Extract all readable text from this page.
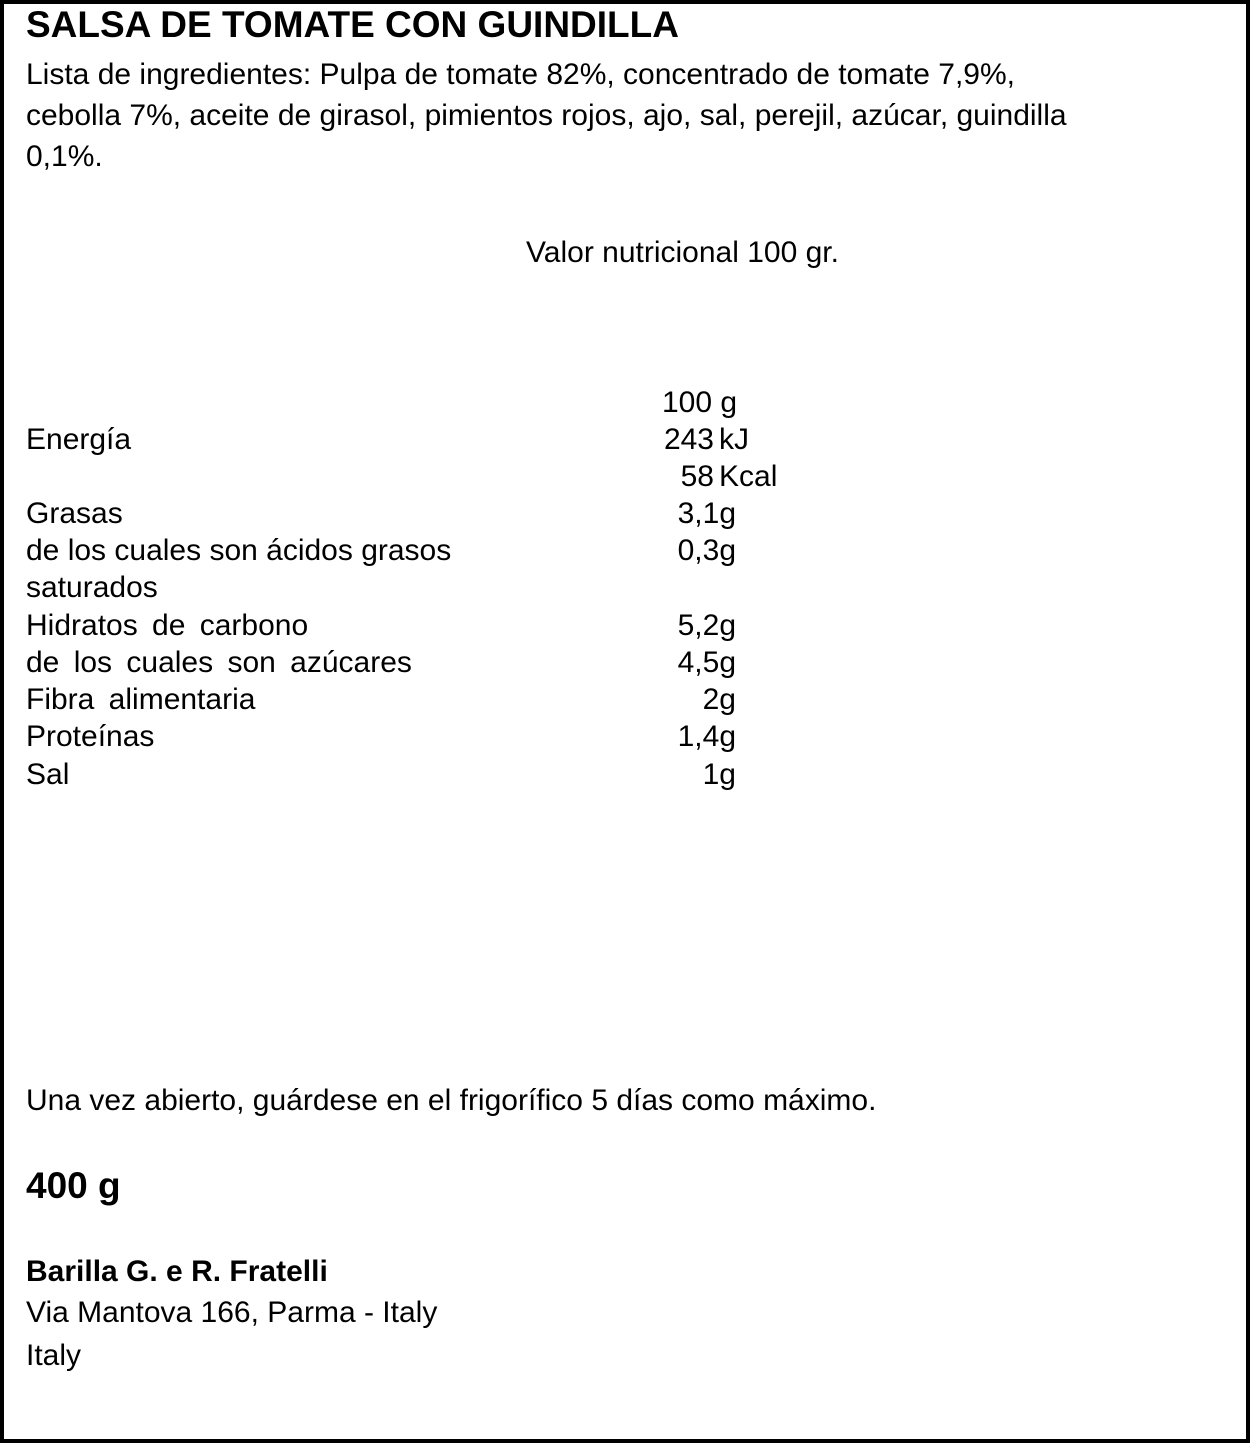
SALSA DE TOMATE CON GUINDILLA
Lista de ingredientes: Pulpa de tomate 82%, concentrado de tomate 7,9%,
cebolla 7%, aceite de girasol, pimientos rojos, ajo, sal, perejil, azúcar, guindilla
0,1%.
Valor nutricional 100 gr.
100 g
Energía	243 kJ
58 Kcal
Grasas	3,1g
de los cuales son ácidos grasos	0,3g
saturados
Hidratos de carbono	5,2g
de los cuales son azúcares	4,5g
Fibra alimentaria	2g
Proteínas	1,4g
Sal	1g
Una vez abierto, guárdese en el frigorífico 5 días como máximo.
400 g
Barilla G. e R. Fratelli
Via Mantova 166, Parma - Italy
Italy
